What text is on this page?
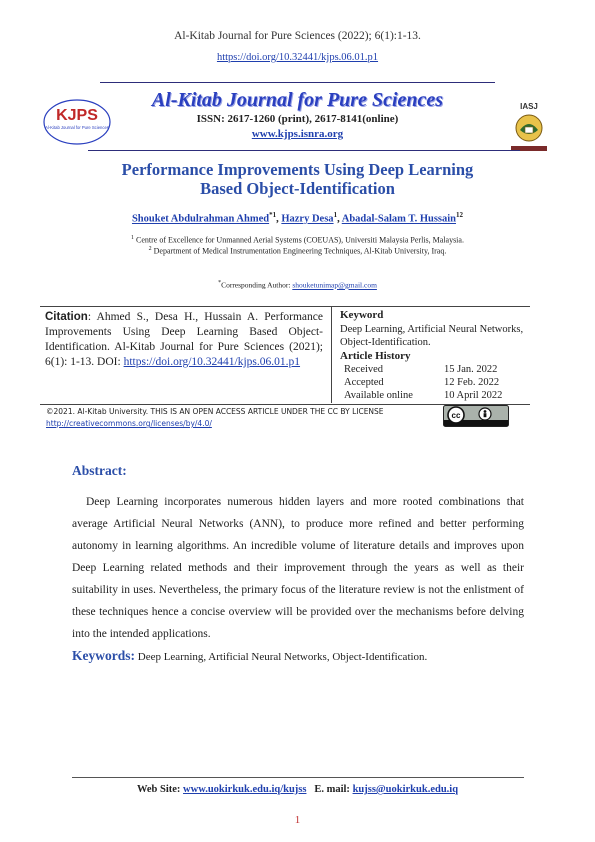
Al-Kitab Journal for Pure Sciences (2022); 6(1):1-13.
https://doi.org/10.32441/kjps.06.01.p1
KJPS
Al-Kitab Journal for Pure Sciences
Al-Kitab Journal for Pure Sciences
ISSN: 2617-1260 (print), 2617-8141(online)
www.kjps.isnra.org
IASJ
Performance Improvements Using Deep Learning
Based Object-Identification
Shouket Abdulrahman Ahmed$^{*1}$, Hazry Desa$^1$, Abadal-Salam T. Hussain$^{12}$
$^1$ Centre of Excellence for Unmanned Aerial Systems (COEUAS), Universiti Malaysia Perlis, Malaysia.
$^2$ Department of Medical Instrumentation Engineering Techniques, Al-Kitab University, Iraq.
*Corresponding Author: shouketunimap@gmail.com
Citation: Ahmed S., Desa H., Hussain A. Performance Improvements Using Deep Learning Based Object-Identification. Al-Kitab Journal for Pure Sciences (2021); 6(1): 1-13. DOI: https://doi.org/10.32441/kjps.06.01.p1
Keyword
Deep Learning, Artificial Neural Networks, Object-Identification.
Article History
Received	15 Jan. 2022
Accepted	12 Feb. 2022
Available online	10 April 2022
©2021. Al-Kitab University. THIS IS AN OPEN ACCESS ARTICLE UNDER THE CC BY LICENSE
http://creativecommons.org/licenses/by/4.0/
cc
Abstract:
Deep Learning incorporates numerous hidden layers and more rooted combinations that average Artificial Neural Networks (ANN), to produce more refined and better performing autonomy in learning algorithms. An incredible volume of literature details and improves upon Deep Learning related methods and their improvement through the years as well as their suitability in uses. Nevertheless, the primary focus of the literature review is not the enlistment of these techniques hence a concise overview will be provided over the mechanisms before delving into the intended applications.
Keywords: Deep Learning, Artificial Neural Networks, Object-Identification.
Web Site: www.uokirkuk.edu.iq/kujss E. mail: kujss@uokirkuk.edu.iq
1
